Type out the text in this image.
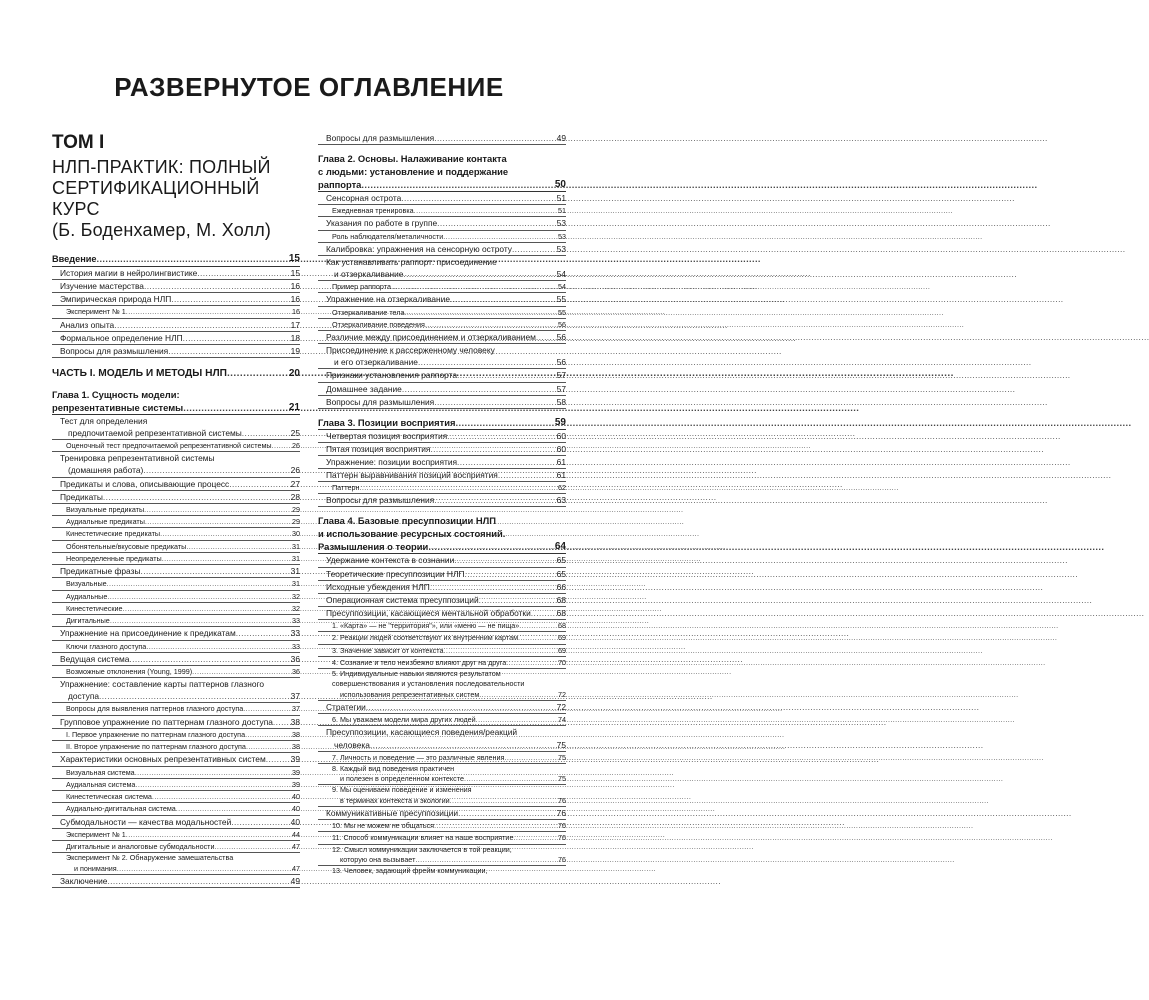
РАЗВЕРНУТОЕ ОГЛАВЛЕНИЕ
ТОМ I
НЛП-ПРАКТИК: ПОЛНЫЙ
СЕРТИФИКАЦИОННЫЙ КУРС
(Б. Боденхамер, М. Холл)
Введение .....	15
История магии в нейролингвистике .....	15
Изучение мастерства .....	16
Эмпирическая природа НЛП .....	16
Эксперимент № 1 .....	16
Анализ опыта .....	17
Формальное определение НЛП .....	18
Вопросы для размышления .....	19
ЧАСТЬ I. МОДЕЛЬ И МЕТОДЫ НЛП .....	20
Глава 1. Сущность модели:
репрезентативные системы .....	21
Тест для определения
предпочитаемой репрезентативной системы .....	25
Оценочный тест предпочитаемой репрезентативной системы .....	26
Тренировка репрезентативной системы
(домашняя работа) .....	26
Предикаты и слова, описывающие процесс .....	27
Предикаты .....	28
Визуальные предикаты .....	29
Аудиальные предикаты .....	29
Кинестетические предикаты .....	30
Обонятельные/вкусовые предикаты .....	31
Неопределенные предикаты .....	31
Предикатные фразы .....	31
Визуальные .....	31
Аудиальные .....	32
Кинестетические .....	32
Дигитальные .....	33
Упражнение на присоединение к предикатам .....	33
Ключи глазного доступа .....	33
Ведущая система .....	36
Возможные отклонения (Young, 1999) .....	36
Упражнение: составление карты паттернов глазного
доступа .....	37
Вопросы для выявления паттернов глазного доступа .....	37
Групповое упражнение по паттернам глазного доступа ..... 38
I. Первое упражнение по паттернам глазного доступа .....	38
II. Второе упражнение по паттернам глазного доступа .....	38
Характеристики основных репрезентативных систем .....	39
Визуальная система .....	39
Аудиальная система .....	39
Кинестетическая система .....	40
Аудиально-дигитальная система .....	40
Субмодальности — качества модальностей .....	40
Эксперимент № 1 .....	44
Дигитальные и аналоговые субмодальности .....	47
Эксперимент № 2. Обнаружение замешательства
и понимания .....	47
Заключение .....	49
Вопросы для размышления .....	49
Глава 2. Основы. Налаживание контакта
с людьми: установление и поддержание
раппорта .....	50
Сенсорная острота .....	51
Ежедневная тренировка .....	51
Указания по работе в группе .....	53
Роль наблюдателя/металичности .....	53
Калибровка: упражнения на сенсорную остроту .....	53
Как устанавливать раппорт: присоединение
и отзеркаливание .....	54
Пример раппорта .....	54
Упражнение на отзеркаливание .....	55
Отзеркаливание тела .....	55
Отзеркаливание поведения .....	56
Различие между присоединением и отзеркаливанием ..... 56
Присоединение к рассерженному человеку
и его отзеркаливание .....	56
Признаки установления раппорта .....	57
Домашнее задание .....	57
Вопросы для размышления .....	58
Глава 3. Позиции восприятия .....	59
Четвертая позиция восприятия .....	60
Пятая позиция восприятия .....	60
Упражнение: позиции восприятия .....	61
Паттерн выравнивания позиций восприятия .....	61
Паттерн .....	62
Вопросы для размышления .....	63
Глава 4. Базовые пресуппозиции НЛП
и использование ресурсных состояний.
Размышления о теории .....	64
Удержание контекста в сознании .....	65
Теоретические пресуппозиции НЛП .....	65
Исходные убеждения НЛП .....	66
Операционная система пресуппозиций .....	68
Пресуппозиции, касающиеся ментальной обработки .....	68
1. «Карта» — не "территория"», или «меню — не пища» .....	68
2. Реакции людей соответствуют их внутренним картам .....	69
3. Значение зависит от контекста .....	69
4. Сознание и тело неизбежно влияют друг на друга .....	70
5. Индивидуальные навыки являются результатом
совершенствования и установления последовательности
использования репрезентативных систем .....	72
Стратегии .....	72
6. Мы уважаем модели мира других людей .....	74
Пресуппозиции, касающиеся поведения/реакций
человека .....	75
7. Личность и поведение — это различные явления .....	75
8. Каждый вид поведения практичен
и полезен в определенном контексте .....	75
9. Мы оцениваем поведение и изменения
в терминах контекста и экологии .....	76
Коммуникативные пресуппозиции .....	76
10. Мы не можем не общаться .....	76
11. Способ коммуникации влияет на наше восприятие .....	76
12. Смысл коммуникации заключается в той реакции,
которую она вызывает .....	76
13. Человек, задающий фрейм коммуникации,
